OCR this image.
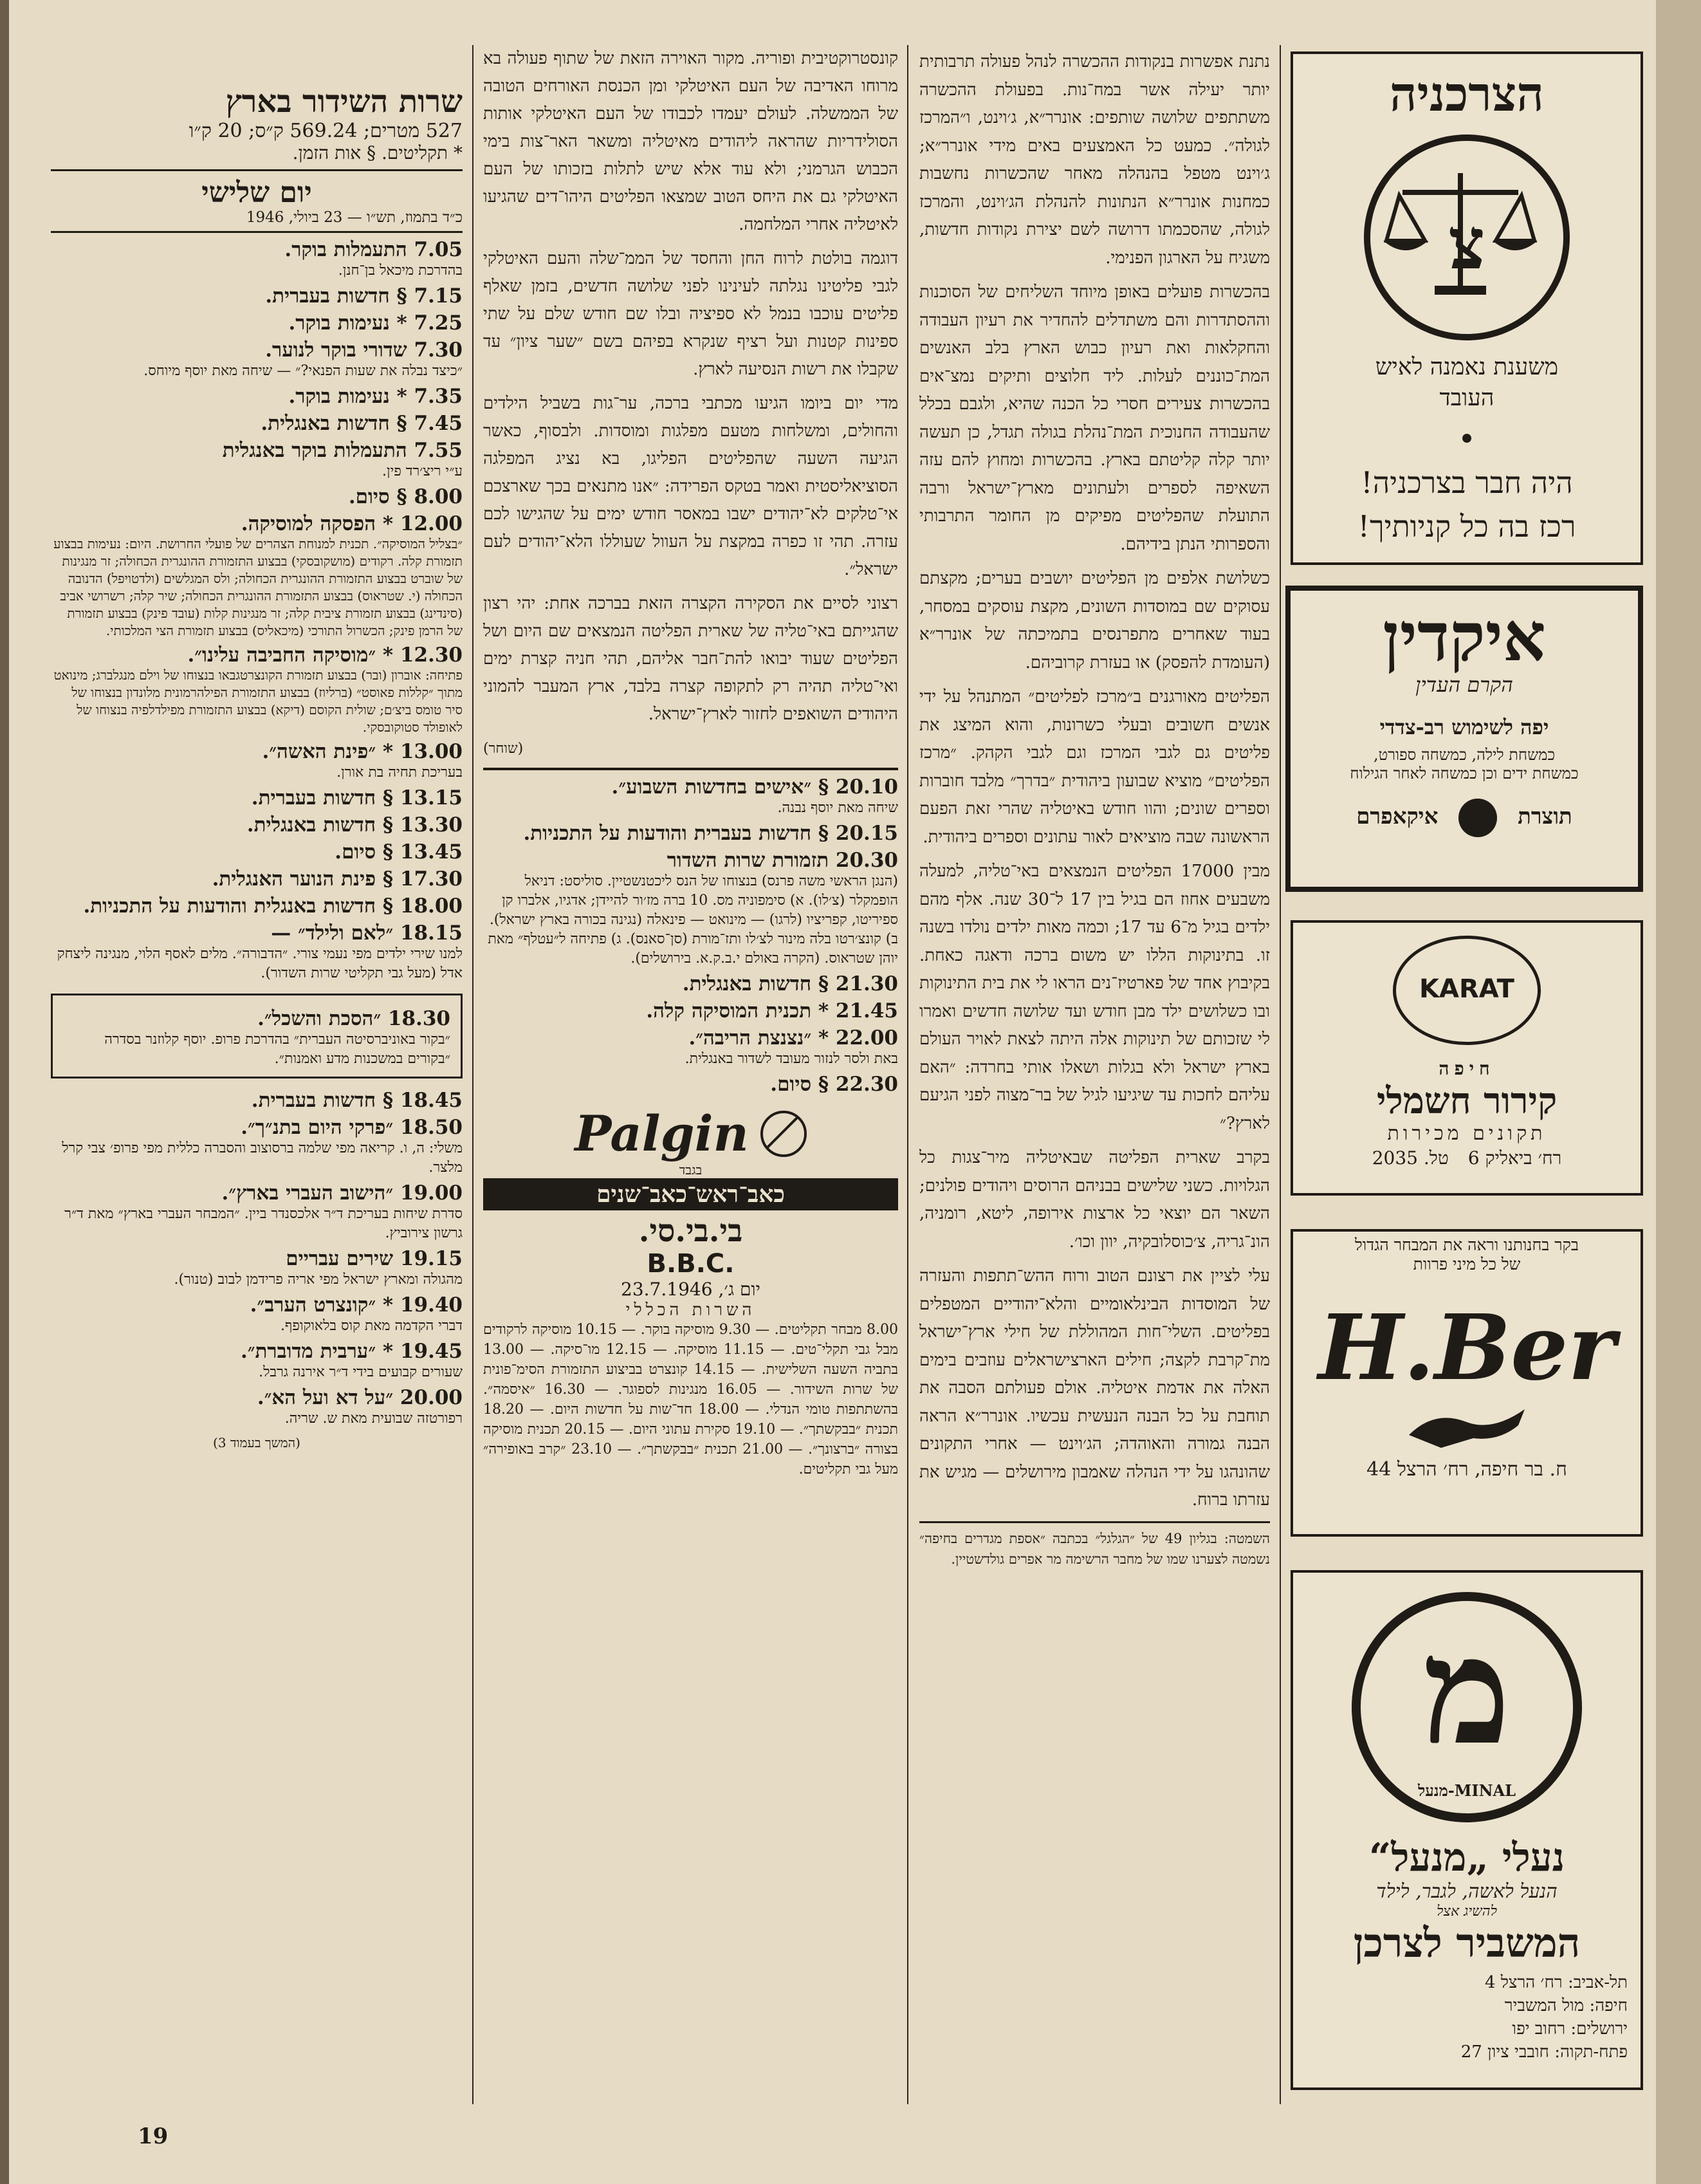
הצרכניה
צ
משענת נאמנה לאיש העובד
•
היה חבר בצרכניה!
רכז בה כל קניותיך!
איקדין
הקרם העדין
יפה לשימוש רב-צדדי
כמשחת לילה, כמשחה ספורט,
כמשחת ידים וכן כמשחה לאחר הגילוח
תוצרת  איקאפרם
KARAT
חיפה
קירור חשמלי
תקונים מכירות
רח׳ ביאליק 6
טל. 2035
בקר בחנותנו וראה את המבחר הגדול
של כל מיני פרוות
H.Ber
ח. בר חיפה, רח׳ הרצל 44
מ
MINAL-מנעל
נעלי „מנעל“
הנעל לאשה, לגבר, לילד
להשיג אצל
המשביר לצרכן
תל-אביב: רח׳ הרצל 4
חיפה: מול המשביר
ירושלים: רחוב יפו
פתח-תקוה: חובבי ציון 27

נתנת אפשרות בנקודות ההכשרה לנהל פעולה תרבותית יותר יעילה אשר במח־נות. בפעולת ההכשרה משתתפים שלושה שותפים: אונרר״א, ג׳וינט, ו״המרכז לגולה״. כמעט כל האמצעים באים מידי אונרר״א; ג׳וינט מטפל בהנהלה מאחר שהכשרות נחשבות כמחנות אונרר״א הנתונות להנהלת הג׳וינט, והמרכז לגולה, שהסכמתו דרושה לשם יצירת נקודות חדשות, משגיח על הארגון הפנימי.

בהכשרות פועלים באופן מיוחד השליחים של הסוכנות וההסתדרות והם משתדלים להחדיר את רעיון העבודה והחקלאות ואת רעיון כבוש הארץ בלב האנשים המת־כוננים לעלות. ליד חלוצים ותיקים נמצ־אים בהכשרות צעירים חסרי כל הכנה שהיא, ולגבם בכלל שהעבודה החנוכית המת־נהלת בגולה תגדל, כן תעשה יותר קלה קליטתם בארץ. בהכשרות ומחוץ להם עזה השאיפה לספרים ולעתונים מארץ־ישראל ורבה התועלת שהפליטים מפיקים מן החומר התרבותי והספרותי הנתן בידיהם.

כשלושת אלפים מן הפליטים יושבים בערים; מקצתם עסוקים שם במוסדות השונים, מקצת עוסקים במסחר, בעוד שאחרים מתפרנסים בתמיכתה של אונרר״א (העומדת להפסק) או בעזרת קרוביהם.

הפליטים מאורגנים ב״מרכז לפליטים״ המתנהל על ידי אנשים חשובים ובעלי כשרונות, והוא המיצג את פליטים גם לגבי המרכז וגם לגבי הקהק. ״מרכז הפליטים״ מוציא שבועון ביהודית ״בדרך״ מלבד חוברות וספרים שונים; והוו חודש באיטליה שהרי זאת הפעם הראשונה שבה מוציאים לאור עתונים וספרים ביהודית.

מבין 17000 הפליטים הנמצאים באי־טליה, למעלה משבעים אחוז הם בגיל בין 17 ל־30 שנה. אלף מהם ילדים בגיל מ־6 עד 17; וכמה מאות ילדים נולדו בשנה זו. בתינוקות הללו יש משום ברכה ודאגה כאחת. בקיבוץ אחד של פארטיז־נים הראו לי את בית התינוקות ובו כשלושים ילד מבן חודש ועד שלושה חדשים ואמרו לי שזכותם של תינוקות אלה היתה לצאת לאויר העולם בארץ ישראל ולא בגלות ושאלו אותי בחרדה: ״האם עליהם לחכות עד שיגיעו לגיל של בר־מצוה לפני הגיעם לארץ?״

בקרב שארית הפליטה שבאיטליה מיר־צגות כל הגלויות. כשני שלישים בבניהם הרוסים ויהודים פולנים; השאר הם יוצאי כל ארצות אירופה, ליטא, רומניה, הונ־גריה, צ׳כוסלובקיה, יוון וכו׳.

עלי לציין את רצונם הטוב ורוח ההש־תתפות והעזרה של המוסדות הבינלאומיים והלא־יהודיים המטפלים בפליטים. השלי־חות המהוללת של חילי ארץ־ישראל מת־קרבת לקצה; חילים הארצישראלים עוזבים בימים האלה את אדמת איטליה. אולם פעולתם הסבה את תוחבת על כל הבנה הנעשית עכשיו. אונרר״א הראה הבנה גמורה והאוהדה; הג׳וינט — אחרי התקונים שהונהגו על ידי הנהלה שאמבון מירושלים — מגיש את עזרתו ברוח.

השמטה: בגליון 49 של ״הגלגל״ בכתבה ״אספת מגדרים בחיפה״ נשמטה לצערנו שמו של מחבר הרשימה מר אפרים גולדשטיין.

קונסטרוקטיבית ופוריה. מקור האוירה הזאת של שתוף פעולה בא מרוחו האדיבה של העם האיטלקי ומן הכנסת האורחים הטובה של הממשלה. לעולם יעמדו לכבודו של העם האיטלקי אותות הסולידריות שהראה ליהודים מאיטליה ומשאר האר־צות בימי הכבוש הגרמני; ולא עוד אלא שיש לתלות בזכותו של העם האיטלקי גם את היחס הטוב שמצאו הפליטים היהו־דים שהגיעו לאיטליה אחרי המלחמה.

דוגמה בולטת לרוח החן והחסד של הממ־שלה והעם האיטלקי לגבי פליטינו נגלתה לעינינו לפני שלושה חדשים, בזמן שאלף פליטים עוכבו בנמל לא ספיציה ובלו שם חודש שלם על שתי ספינות קטנות ועל רציף שנקרא בפיהם בשם ״שער ציון״ עד שקבלו את רשות הנסיעה לארץ.

מדי יום ביומו הגיעו מכתבי ברכה, ער־גות בשביל הילדים והחולים, ומשלחות מטעם מפלגות ומוסדות. ולבסוף, כאשר הגיעה השעה שהפליטים הפליגו, בא נציג המפלגה הסוציאליסטית ואמר בטקס הפרידה: ״אנו מתנאים בכך שארצכם אי־טלקים לא־יהודים ישבו במאסר חודש ימים על שהגישו לכם עזרה. תהי זו כפרה במקצת על העוול שעוללו הלא־יהודים לעם ישראל״.

רצוני לסיים את הסקירה הקצרה הזאת בברכה אחת: יהי רצון שהגייתם באי־טליה של שארית הפליטה הנמצאים שם היום ושל הפליטים שעוד יבואו להת־חבר אליהם, תהי חניה קצרת ימים ואי־טליה תהיה רק לתקופה קצרה בלבד, ארץ המעבר להמוני היהודים השואפים לחזור לארץ־ישראל.

(שוחר)
20.10 § ״אישים בחדשות השבוע״.
שיחה מאת יוסף נבנה.
20.15 § חדשות בעברית והודעות על התכניות.
20.30 תזמורת שרות השדור
(הנגן הראשי משה פרנס) בנצוחו של הנס ליכטנשטיין. סוליסט: דניאל הופמקלר (צ׳לו). א) סימפוניה מס. 10 ברה מז׳ור להיידן; אדגיו, אלברו קן ספיריטו, קפריציו (לרגו) — מינואט — פינאלה (נגינה בכורה בארץ ישראל). ב) קונצ׳רטו בלה מינור לצ׳לו ותז־מורת (סן־סאנס). ג) פתיחה ל״עטלף״ מאת יוהן שטראוס. (הקרה באולם י.ב.ק.א. בירושלים).
21.30 § חדשות באנגלית.
21.45 * תכנית המוסיקה קלה.
22.00 * ״נצנצת הריבה״.
באת ולסר לנזור מעובד לשדור באנגלית.
22.30 § סיום.
Palgin
בגבד
כאב־ראש־כאב־שנים
בי.בי.סי.
B.B.C.
יום ג׳, 23.7.1946
השרות הכללי
8.00 מבחר תקליטים. — 9.30 מוסיקה בוקר. — 10.15 מוסיקה לרקודים מבל גבי תקלי־טים. — 11.15 מוסיקה. — 12.15 מו־סיקה. — 13.00 בתביה השעה השלישית. — 14.15 קונצרט בביצוע התזמורת הסימ־פונית של שרות השידור. — 16.05 מנגינות לספוגר. — 16.30 ״איסמה״. בהשתתפות טומי הנדלי. — 18.00 חד־שות על חדשות היום. — 18.20 תכנית ״בבקשתך״. — 19.10 סקירת עתוני היום. — 20.15 תכנית מוסיקה בצורה ״ברצונך״. — 21.00 תכנית ״בבקשתך״. — 23.10 ״קרב באופירה״ מעל גבי תקליטים.
שרות השידור בארץ
527 מטרים; 569.24 ק״ס; 20 ק״ו
* תקליטים. § אות הזמן.
יום שלישי
כ״ד בתמוז, תש״ו — 23 ביולי, 1946
7.05 התעמלות בוקר.
בהדרכת מיכאל בן־חנן.
7.15 § חדשות בעברית.
7.25 * נעימות בוקר.
7.30 שדורי בוקר לנוער.
״כיצד נבלה את שעות הפנאי?״ — שיחה מאת יוסף מיוחס.
7.35 * נעימות בוקר.
7.45 § חדשות באנגלית.
7.55 התעמלות בוקר באנגלית
ע״י ריצ׳רד פין.
8.00 § סיום.
12.00 * הפסקה למוסיקה.
״בצליל המוסיקה״. תכנית למנוחת הצהרים של פועלי החרושת. היום: נעימות בבצוע תזמורת קלה. רקודים (מושקובסקי) בבצוע התזמורת ההונגרית הכחולה; זר מנגינות של שוברט בבצוע התזמורת ההונגרית הכחולה; ולס המגלשים (ולדטויפל) הדנובה הכחולה (י. שטראוס) בבצוע התזמורת ההונגרית הכחולה; שיר קלה; רשרושי אביב (סינדינג) בבצוע תזמורת ציבית קלה; זר מנגינות קלות (עובד פינק) בבצוע תזמורת של הרמן פינק; הכשרול התורכי (מיכאליס) בבצוע תזמורת הצי המלכותי.
12.30 * ״מוסיקה החביבה עלינו״.
פתיחה: אוברון (ובר) בבצוע תזמורת הקונצרטגבאו בנצוחו של וילם מנגלברג; מינואט מתוך ״קללות פאוסט״ (ברליוז) בבצוע התזמורת הפילהרמונית מלונדון בנצוחו של סיר טומס ביצ׳ם; שולית הקוסם (דיקא) בבצוע התזמורת מפילדלפיה בנצוחו של לאופולד סטוקובסקי.
13.00 * ״פינת האשה״.
בעריכת תחיה בת אורן.
13.15 § חדשות בעברית.
13.30 § חדשות באנגלית.
13.45 § סיום.
17.30 § פינת הנוער האנגלית.
18.00 § חדשות באנגלית והודעות על התכניות.
18.15 ״לאם ולילד״ —
למנו שירי ילדים מפי נעמי צורי. ״הדבורה״. מלים לאסף הלוי, מנגינה ליצחק אדל (מעל גבי תקליטי שרות השדור).
18.30 ״הסכת והשכל״.
״בקור באוניברסיטה העברית״ בהדרכת פרופ. יוסף קלוזנר בסדרה ״בקורים במשכנות מדע ואמנות״.
18.45 § חדשות בעברית.
18.50 ״פרקי היום בתנ״ך״.
משלי: ה, ו. קריאה מפי שלמה ברסוצוב והסברה כללית מפי פרופ׳ צבי קרל מלצר.
19.00 ״הישוב העברי בארץ״.
סדרת שיחות בעריכת ד״ר אלכסנדר ביין. ״המבחר העברי בארץ״ מאת ד״ר גרשון צירוביץ.
19.15 שירים עבריים
מהגולה ומארץ ישראל מפי אריה פרידמן לבוב (טנור).
19.40 * ״קונצרט הערב״.
דברי הקדמה מאת קוס בלאוקופף.
19.45 * ״ערבית מדוברת״.
שעורים קבועים בידי ד״ר אירנה גרבל.
20.00 ״על דא ועל הא״.
רפורטזה שבועית מאת ש. שריה.
(המשך בעמוד 3)
19
